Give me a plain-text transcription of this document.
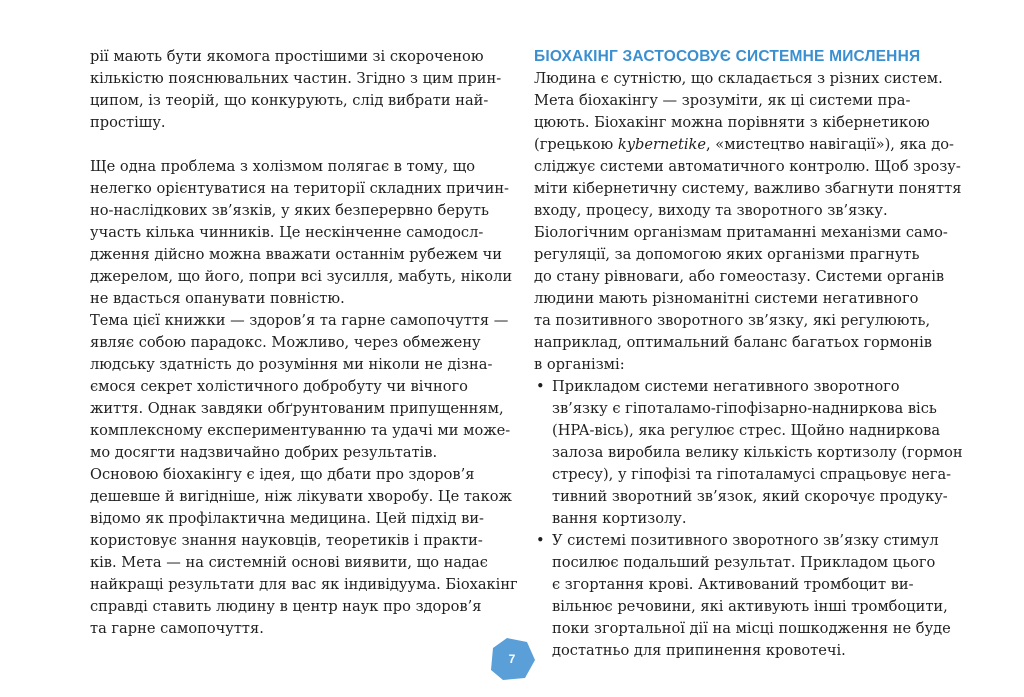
рії мають бути якомога простішими зі скороченою
кількістю пояснювальних частин. Згідно з цим прин-
ципом, із теорій, що конкурують, слід вибрати най-
простішу.
Ще одна проблема з холізмом полягає в тому, що
нелегко орієнтуватися на території складних причин-
но-наслідкових зв’язків, у яких безперервно беруть
участь кілька чинників. Це нескінченне самодосл-
дження дійсно можна вважати останнім рубежем чи
джерелом, що його, попри всі зусилля, мабуть, ніколи
не вдасться опанувати повністю.
Тема цієї книжки — здоров’я та гарне самопочуття —
являє собою парадокс. Можливо, через обмежену
людську здатність до розуміння ми ніколи не дізна-
ємося секрет холістичного добробуту чи вічного
життя. Однак завдяки обґрунтованим припущенням,
комплексному експериментуванню та удачі ми може-
мо досягти надзвичайно добрих результатів.
Основою біохакінгу є ідея, що дбати про здоров’я
дешевше й вигідніше, ніж лікувати хворобу. Це також
відомо як профілактична медицина. Цей підхід ви-
користовує знання науковців, теоретиків і практи-
ків. Мета — на системній основі виявити, що надає
найкращі результати для вас як індивідуума. Біохакінг
справді ставить людину в центр наук про здоров’я
та гарне самопочуття.
БІОХАКІНГ ЗАСТОСОВУЄ СИСТЕМНЕ МИСЛЕННЯ
Людина є сутністю, що складається з різних систем.
Мета біохакінгу — зрозуміти, як ці системи пра-
цюють. Біохакінг можна порівняти з кібернетикою
(грецькою kybernetike, «мистецтво навігації»), яка до-
сліджує системи автоматичного контролю. Щоб зрозу-
міти кібернетичну систему, важливо збагнути поняття
входу, процесу, виходу та зворотного зв’язку.
Біологічним організмам притаманні механізми само-
регуляції, за допомогою яких організми прагнуть
до стану рівноваги, або гомеостазу. Системи органів
людини мають різноманітні системи негативного
та позитивного зворотного зв’язку, які регулюють,
наприклад, оптимальний баланс багатьох гормонів
в організмі:
• Прикладом системи негативного зворотного
зв’язку є гіпоталамо-гіпофізарно-наднирковa вісь
(HPA-вісь), яка регулює стрес. Щойно надниркова
залоза виробила велику кількість кортизолу (гормон
стресу), у гіпофізі та гіпоталамусі спрацьовує нега-
тивний зворотний зв’язок, який скорочує продуку-
вання кортизолу.
• У системі позитивного зворотного зв’язку стимул
посилює подальший результат. Прикладом цього
є згортання крові. Активований тромбоцит ви-
вільнює речовини, які активують інші тромбоцити,
поки згортальної дії на місці пошкодження не буде
достатньо для припинення кровотечі.
7
